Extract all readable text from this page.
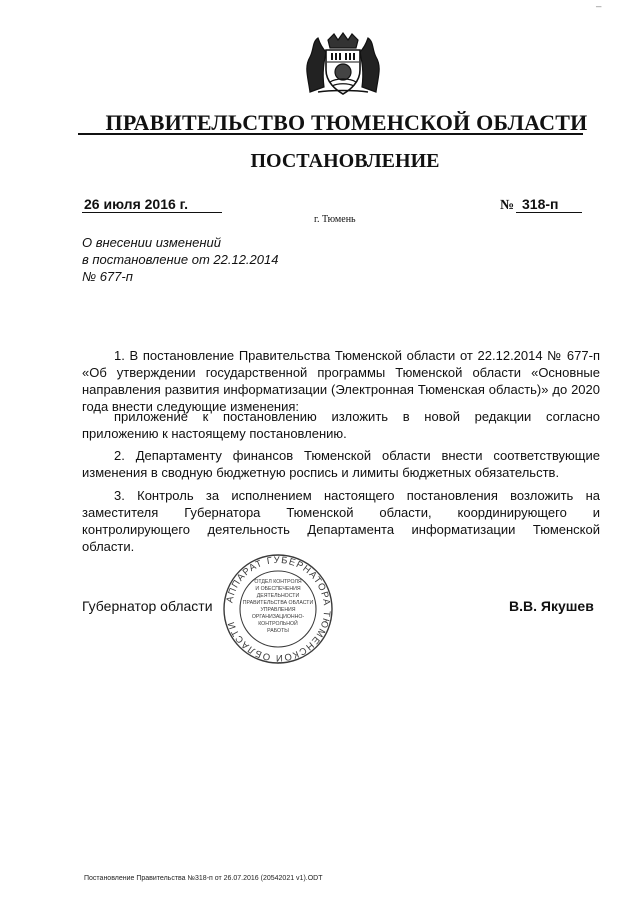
—
ПРАВИТЕЛЬСТВО ТЮМЕНСКОЙ ОБЛАСТИ
ПОСТАНОВЛЕНИЕ
26 июля 2016 г.	№ 318-п
г. Тюмень
О внесении изменений
в постановление от 22.12.2014
№ 677-п
1. В постановление Правительства Тюменской области от 22.12.2014 № 677-п «Об утверждении государственной программы Тюменской области «Основные направления развития информатизации (Электронная Тюменская область)» до 2020 года внести следующие изменения:
приложение к постановлению изложить в новой редакции согласно приложению к настоящему постановлению.
2. Департаменту финансов Тюменской области внести соответствующие изменения в сводную бюджетную роспись и лимиты бюджетных обязательств.
3. Контроль за исполнением настоящего постановления возложить на заместителя Губернатора Тюменской области, координирующего и контролирующего деятельность Департамента информатизации Тюменской области.
Губернатор области	В.В. Якушев
АППАРАТ ГУБЕРНАТОРА ТЮМЕНСКОЙ ОБЛАСТИ
ОТДЕЛ КОНТРОЛЯ
И ОБЕСПЕЧЕНИЯ
ДЕЯТЕЛЬНОСТИ
ПРАВИТЕЛЬСТВА ОБЛАСТИ
УПРАВЛЕНИЯ
ОРГАНИЗАЦИОННО-
КОНТРОЛЬНОЙ
РАБОТЫ
Постановление Правительства №318-п от 26.07.2016 (20542021 v1).ODT
